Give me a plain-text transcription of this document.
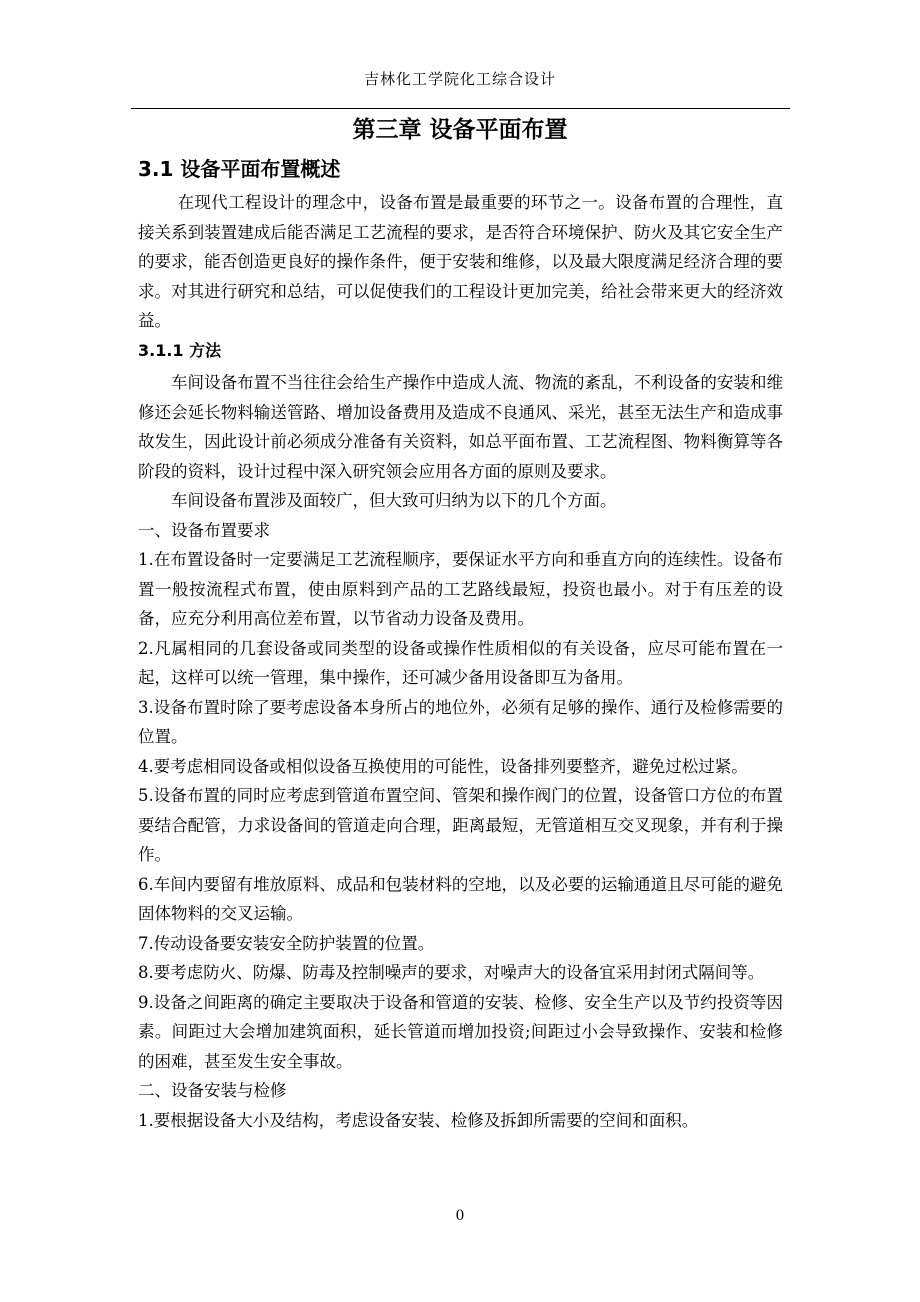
吉林化工学院化工综合设计
第三章 设备平面布置
3.1 设备平面布置概述

在现代工程设计的理念中，设备布置是最重要的环节之一。设备布置的合理性，直接关系到装置建成后能否满足工艺流程的要求，是否符合环境保护、防火及其它安全生产的要求，能否创造更良好的操作条件，便于安装和维修，以及最大限度满足经济合理的要求。对其进行研究和总结，可以促使我们的工程设计更加完美，给社会带来更大的经济效益。

3.1.1 方法

车间设备布置不当往往会给生产操作中造成人流、物流的紊乱，不利设备的安装和维修还会延长物料输送管路、增加设备费用及造成不良通风、采光，甚至无法生产和造成事故发生，因此设计前必须成分准备有关资料，如总平面布置、工艺流程图、物料衡算等各阶段的资料，设计过程中深入研究领会应用各方面的原则及要求。

车间设备布置涉及面较广，但大致可归纳为以下的几个方面。

一、设备布置要求

1.在布置设备时一定要满足工艺流程顺序，要保证水平方向和垂直方向的连续性。设备布置一般按流程式布置，使由原料到产品的工艺路线最短，投资也最小。对于有压差的设备，应充分利用高位差布置，以节省动力设备及费用。

2.凡属相同的几套设备或同类型的设备或操作性质相似的有关设备，应尽可能布置在一起，这样可以统一管理，集中操作，还可减少备用设备即互为备用。

3.设备布置时除了要考虑设备本身所占的地位外，必须有足够的操作、通行及检修需要的位置。

4.要考虑相同设备或相似设备互换使用的可能性，设备排列要整齐，避免过松过紧。

5.设备布置的同时应考虑到管道布置空间、管架和操作阀门的位置，设备管口方位的布置要结合配管，力求设备间的管道走向合理，距离最短，无管道相互交叉现象，并有利于操作。

6.车间内要留有堆放原料、成品和包装材料的空地，以及必要的运输通道且尽可能的避免固体物料的交叉运输。

7.传动设备要安装安全防护装置的位置。

8.要考虑防火、防爆、防毒及控制噪声的要求，对噪声大的设备宜采用封闭式隔间等。

9.设备之间距离的确定主要取决于设备和管道的安装、检修、安全生产以及节约投资等因素。间距过大会增加建筑面积，延长管道而增加投资;间距过小会导致操作、安装和检修的困难，甚至发生安全事故。

二、设备安装与检修

1.要根据设备大小及结构，考虑设备安装、检修及拆卸所需要的空间和面积。

0
